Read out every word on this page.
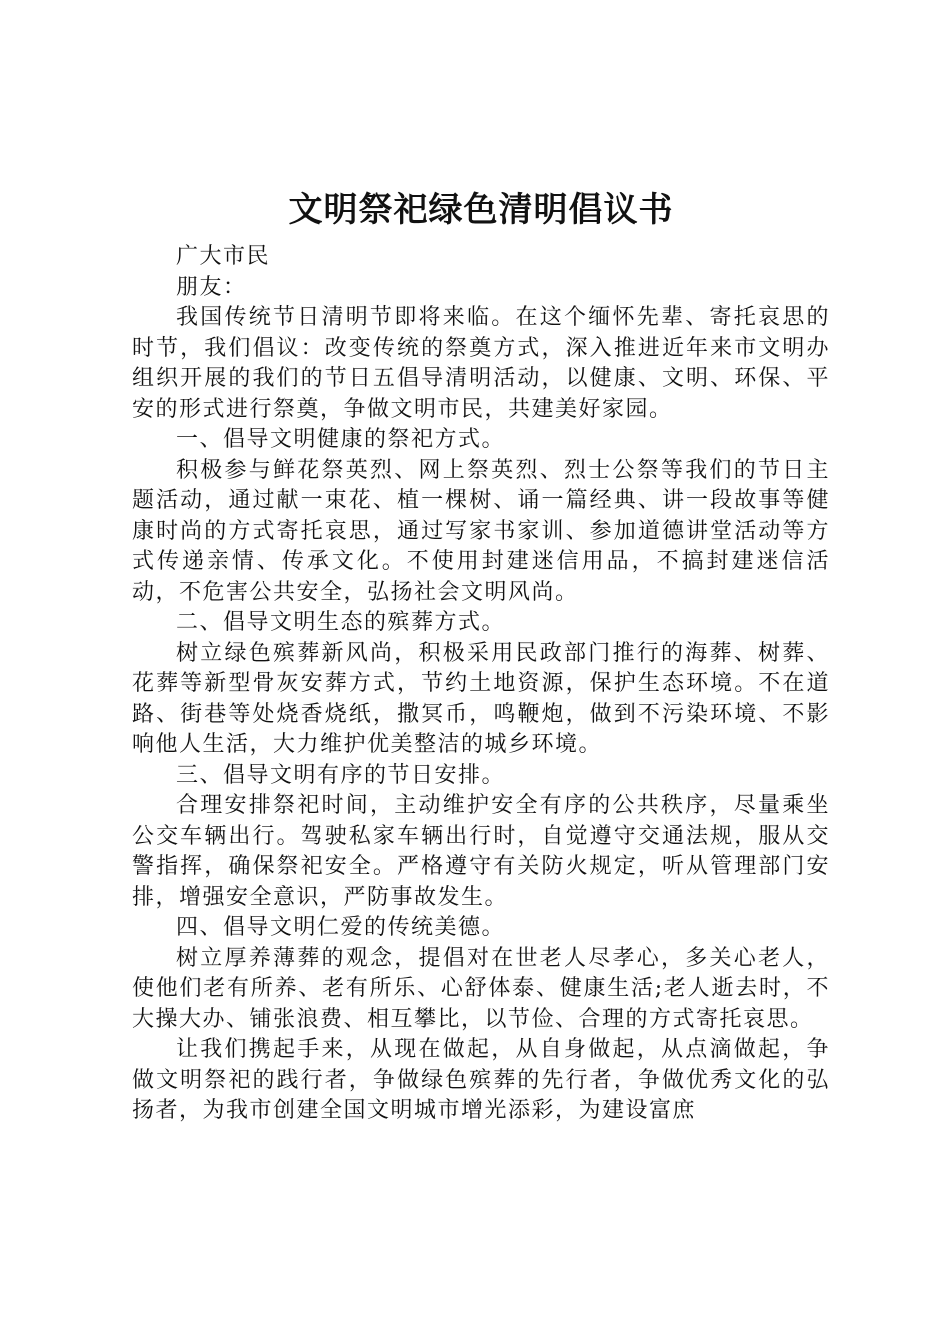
文明祭祀绿色清明倡议书

广大市民

朋友：

我国传统节日清明节即将来临。在这个缅怀先辈、寄托哀思的时节，我们倡议：改变传统的祭奠方式，深入推进近年来市文明办组织开展的我们的节日五倡导清明活动，以健康、文明、环保、平安的形式进行祭奠，争做文明市民，共建美好家园。

一、倡导文明健康的祭祀方式。

积极参与鲜花祭英烈、网上祭英烈、烈士公祭等我们的节日主题活动，通过献一束花、植一棵树、诵一篇经典、讲一段故事等健康时尚的方式寄托哀思，通过写家书家训、参加道德讲堂活动等方式传递亲情、传承文化。不使用封建迷信用品，不搞封建迷信活动，不危害公共安全，弘扬社会文明风尚。

二、倡导文明生态的殡葬方式。

树立绿色殡葬新风尚，积极采用民政部门推行的海葬、树葬、花葬等新型骨灰安葬方式，节约土地资源，保护生态环境。不在道路、街巷等处烧香烧纸，撒冥币，鸣鞭炮，做到不污染环境、不影响他人生活，大力维护优美整洁的城乡环境。

三、倡导文明有序的节日安排。

合理安排祭祀时间，主动维护安全有序的公共秩序，尽量乘坐公交车辆出行。驾驶私家车辆出行时，自觉遵守交通法规，服从交警指挥，确保祭祀安全。严格遵守有关防火规定，听从管理部门安排，增强安全意识，严防事故发生。

四、倡导文明仁爱的传统美德。

树立厚养薄葬的观念，提倡对在世老人尽孝心，多关心老人，使他们老有所养、老有所乐、心舒体泰、健康生活;老人逝去时，不大操大办、铺张浪费、相互攀比，以节俭、合理的方式寄托哀思。

让我们携起手来，从现在做起，从自身做起，从点滴做起，争做文明祭祀的践行者，争做绿色殡葬的先行者，争做优秀文化的弘扬者，为我市创建全国文明城市增光添彩，为建设富庶
